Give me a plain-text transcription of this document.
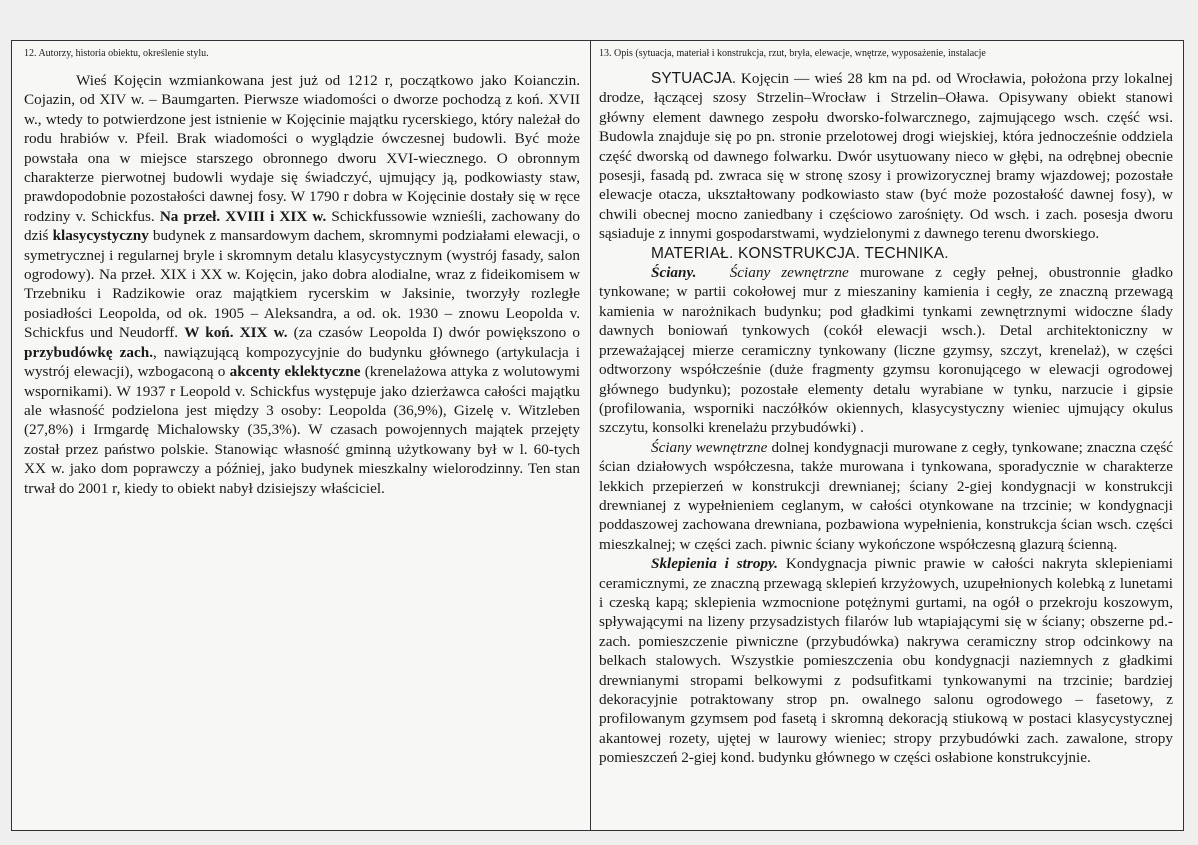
12. Autorzy, historia obiektu, określenie stylu.

Wieś Kojęcin wzmiankowana jest już od 1212 r, początkowo jako Koianczin. Cojazin, od XIV w. – Baumgarten. Pierwsze wiadomości o dworze pochodzą z koń. XVII w., wtedy to potwierdzone jest istnienie w Kojęcinie majątku rycerskiego, który należał do rodu hrabiów v. Pfeil. Brak wiadomości o wyglądzie ówczesnej budowli. Być może powstała ona w miejsce starszego obronnego dworu XVI-wiecznego. O obronnym charakterze pierwotnej budowli wydaje się świadczyć, ujmujący ją, podkowiasty staw, prawdopodobnie pozostałości dawnej fosy. W 1790 r dobra w Kojęcinie dostały się w ręce rodziny v. Schickfus. Na przeł. XVIII i XIX w. Schickfussowie wznieśli, zachowany do dziś klasycystyczny budynek z mansardowym dachem, skromnymi podziałami elewacji, o symetrycznej i regularnej bryle i skromnym detalu klasycystycznym (wystrój fasady, salon ogrodowy). Na przeł. XIX i XX w. Kojęcin, jako dobra alodialne, wraz z fideikomisem w Trzebniku i Radzikowie oraz majątkiem rycerskim w Jaksinie, tworzyły rozległe posiadłości Leopolda, od ok. 1905 – Aleksandra, a od. ok. 1930 – znowu Leopolda v. Schickfus und Neudorff. W koń. XIX w. (za czasów Leopolda I) dwór powiększono o przybudówkę zach., nawiązującą kompozycyjnie do budynku głównego (artykulacja i wystrój elewacji), wzbogaconą o akcenty eklektyczne (krenelażowa attyka z wolutowymi wspornikami). W 1937 r Leopold v. Schickfus występuje jako dzierżawca całości majątku ale własność podzielona jest między 3 osoby: Leopolda (36,9%), Gizelę v. Witzleben (27,8%) i Irmgardę Michalowsky (35,3%). W czasach powojennych majątek przejęty został przez państwo polskie. Stanowiąc własność gminną użytkowany był w l. 60-tych XX w. jako dom poprawczy a później, jako budynek mieszkalny wielorodzinny. Ten stan trwał do 2001 r, kiedy to obiekt nabył dzisiejszy właściciel.

13. Opis (sytuacja, materiał i konstrukcja, rzut, bryła, elewacje, wnętrze, wyposażenie, instalacje

SYTUACJA. Kojęcin — wieś 28 km na pd. od Wrocławia, położona przy lokalnej drodze, łączącej szosy Strzelin–Wrocław i Strzelin–Oława. Opisywany obiekt stanowi główny element dawnego zespołu dworsko-folwarcznego, zajmującego wsch. część wsi. Budowla znajduje się po pn. stronie przelotowej drogi wiejskiej, która jednocześnie oddziela część dworską od dawnego folwarku. Dwór usytuowany nieco w głębi, na odrębnej obecnie posesji, fasadą pd. zwraca się w stronę szosy i prowizorycznej bramy wjazdowej; pozostałe elewacje otacza, ukształtowany podkowiasto staw (być może pozostałość dawnej fosy), w chwili obecnej mocno zaniedbany i częściowo zarośnięty. Od wsch. i zach. posesja dworu sąsiaduje z innymi gospodarstwami, wydzielonymi z dawnego terenu dworskiego.

MATERIAŁ. KONSTRUKCJA. TECHNIKA.

Ściany. Ściany zewnętrzne murowane z cegły pełnej, obustronnie gładko tynkowane; w partii cokołowej mur z mieszaniny kamienia i cegły, ze znaczną przewagą kamienia w narożnikach budynku; pod gładkimi tynkami zewnętrznymi widoczne ślady dawnych boniowań tynkowych (cokół elewacji wsch.). Detal architektoniczny w przeważającej mierze ceramiczny tynkowany (liczne gzymsy, szczyt, krenelaż), w części odtworzony współcześnie (duże fragmenty gzymsu koronującego w elewacji ogrodowej głównego budynku); pozostałe elementy detalu wyrabiane w tynku, narzucie i gipsie (profilowania, wsporniki naczółków okiennych, klasycystyczny wieniec ujmujący okulus szczytu, konsolki krenelażu przybudówki) .

Ściany wewnętrzne dolnej kondygnacji murowane z cegły, tynkowane; znaczna część ścian działowych współczesna, także murowana i tynkowana, sporadycznie w charakterze lekkich przepierzeń w konstrukcji drewnianej; ściany 2-giej kondygnacji w konstrukcji drewnianej z wypełnieniem ceglanym, w całości otynkowane na trzcinie; w kondygnacji poddaszowej zachowana drewniana, pozbawiona wypełnienia, konstrukcja ścian wsch. części mieszkalnej; w części zach. piwnic ściany wykończone współczesną glazurą ścienną.

Sklepienia i stropy. Kondygnacja piwnic prawie w całości nakryta sklepieniami ceramicznymi, ze znaczną przewagą sklepień krzyżowych, uzupełnionych kolebką z lunetami i czeską kapą; sklepienia wzmocnione potężnymi gurtami, na ogół o przekroju koszowym, spływającymi na lizeny przysadzistych filarów lub wtapiającymi się w ściany; obszerne pd.-zach. pomieszczenie piwniczne (przybudówka) nakrywa ceramiczny strop odcinkowy na belkach stalowych. Wszystkie pomieszczenia obu kondygnacji naziemnych z gładkimi drewnianymi stropami belkowymi z podsufitkami tynkowanymi na trzcinie; bardziej dekoracyjnie potraktowany strop pn. owalnego salonu ogrodowego – fasetowy, z profilowanym gzymsem pod fasetą i skromną dekoracją stiukową w postaci klasycystycznej akantowej rozety, ujętej w laurowy wieniec; stropy przybudówki zach. zawalone, stropy pomieszczeń 2-giej kond. budynku głównego w części osłabione konstrukcyjnie.
